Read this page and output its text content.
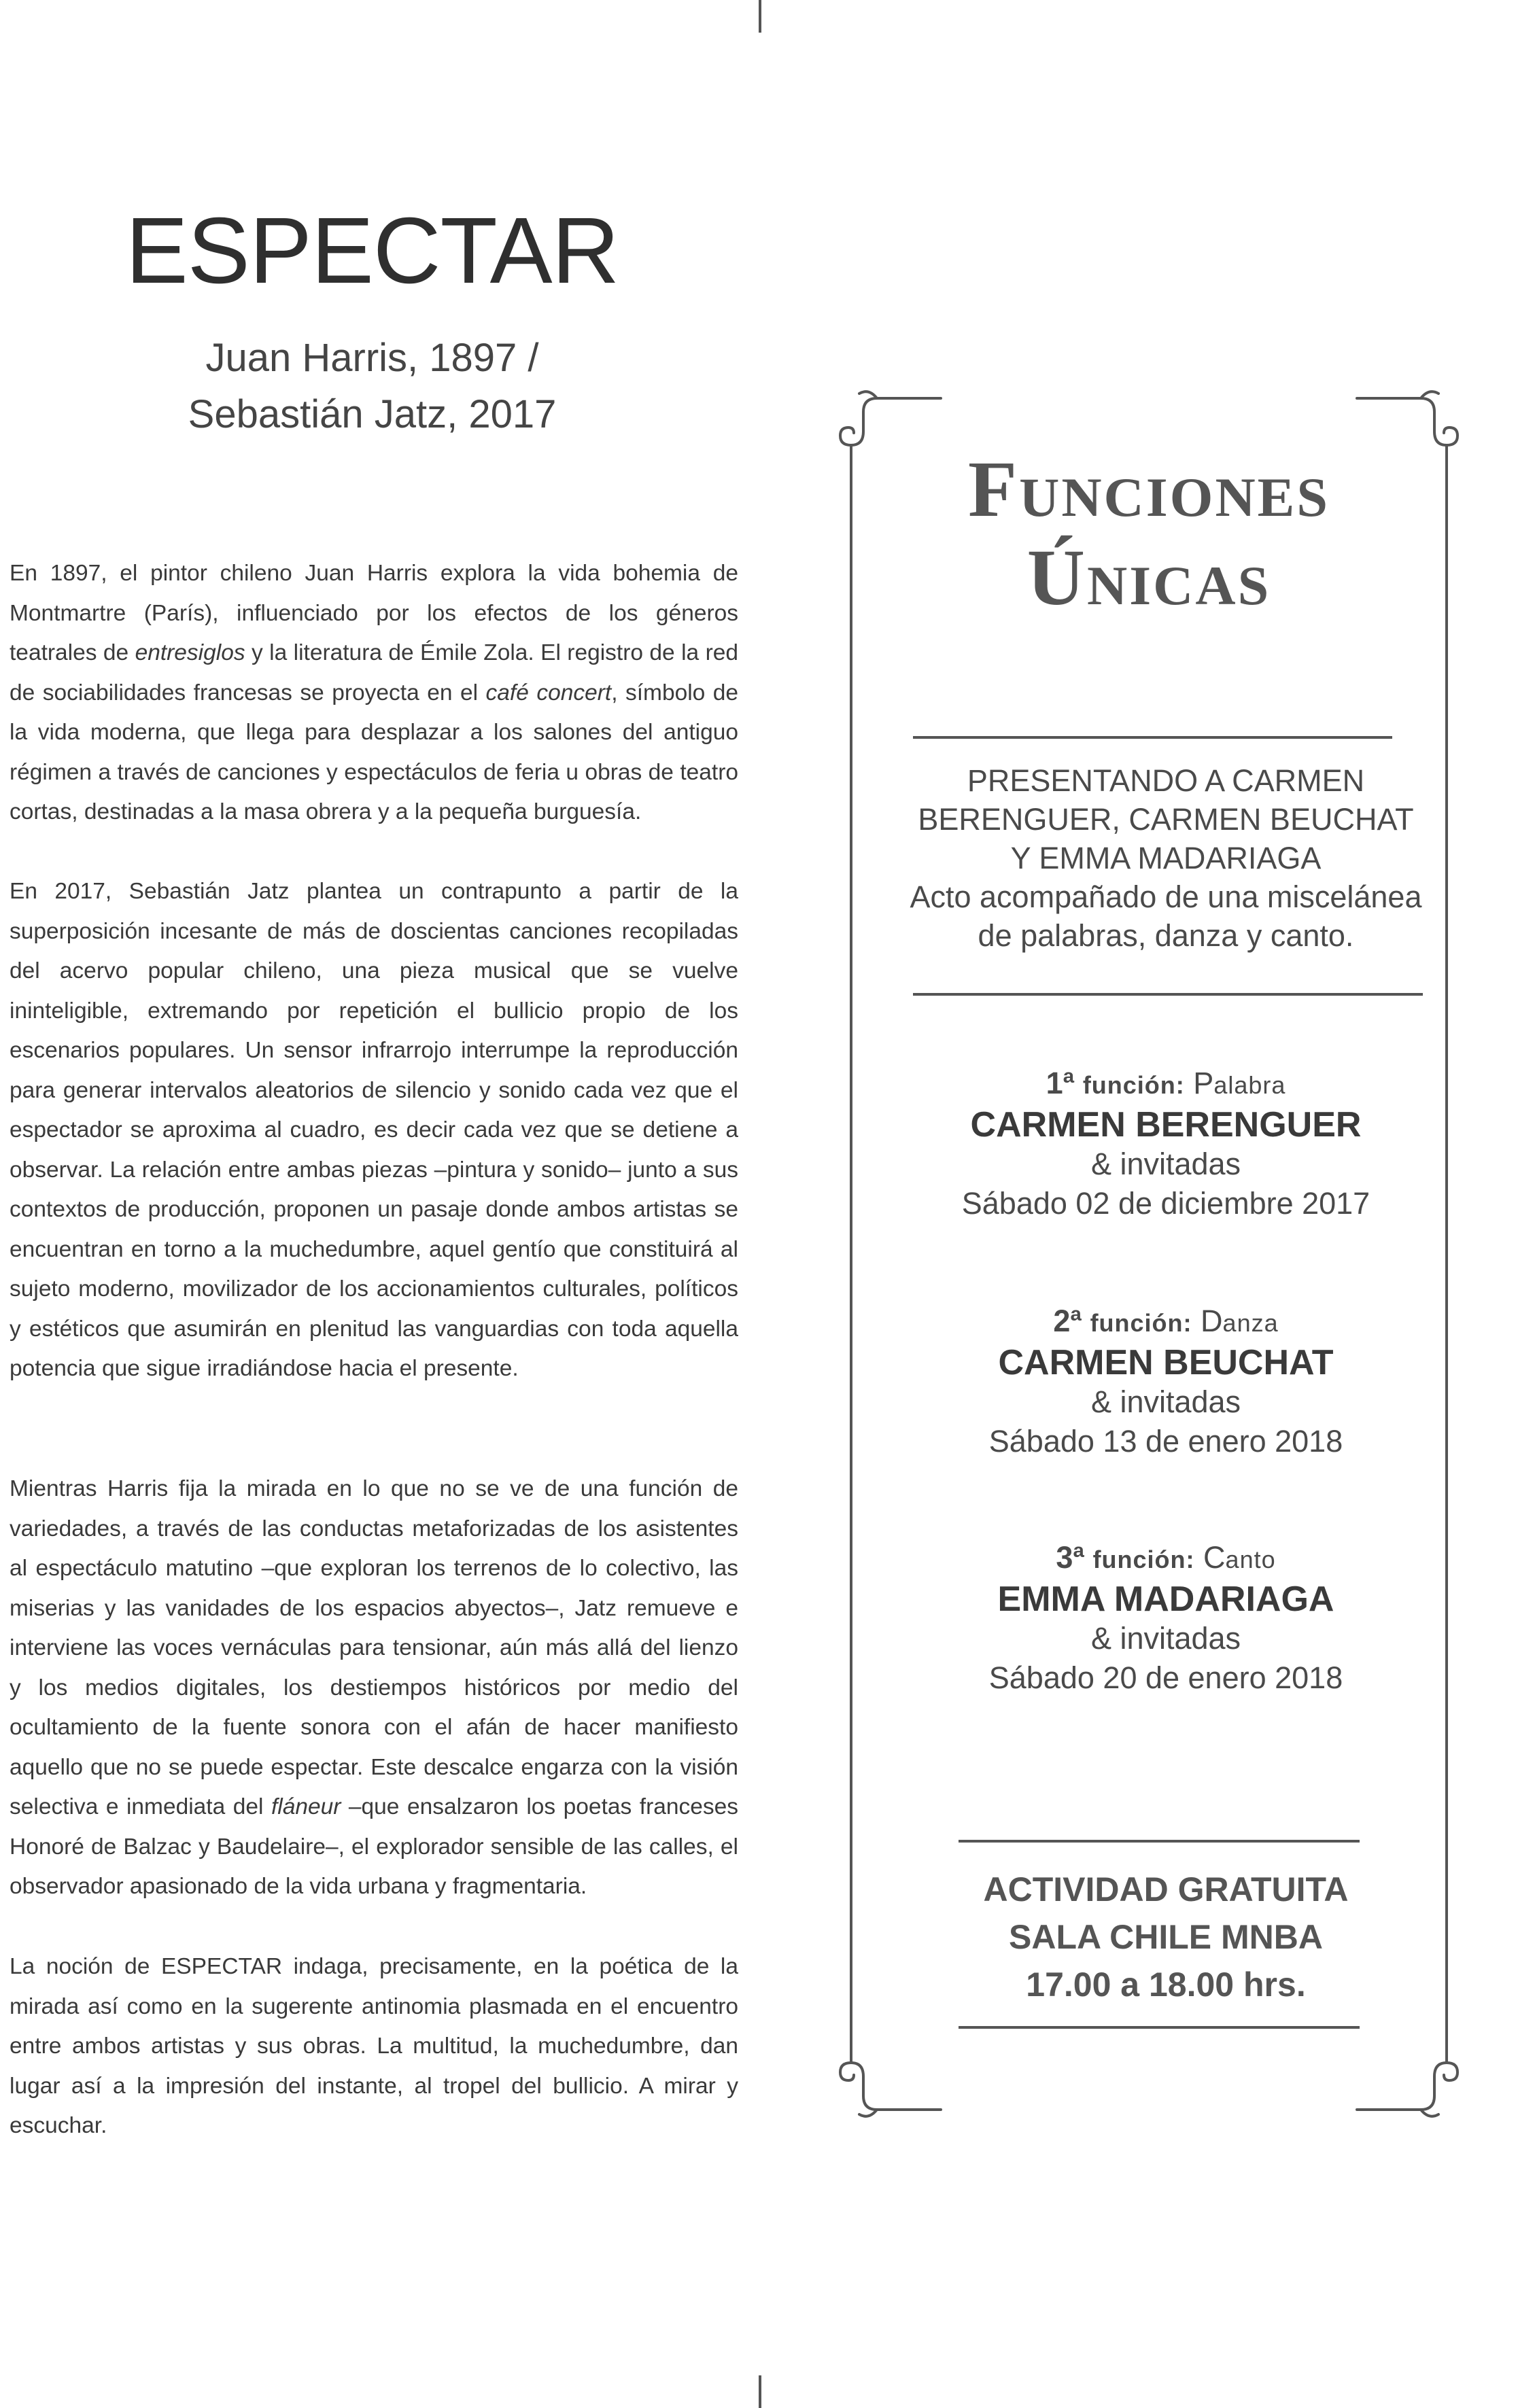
ESPECTAR
Juan Harris, 1897 /
Sebastián Jatz, 2017

En 1897, el pintor chileno Juan Harris explora la vida bohemia de Montmartre (París), influenciado por los efectos de los géneros teatrales de entresiglos y la literatura de Émile Zola. El registro de la red de sociabilidades francesas se proyecta en el café concert, símbolo de la vida moderna, que llega para desplazar a los salones del antiguo régimen a través de canciones y espectáculos de feria u obras de teatro cortas, destinadas a la masa obrera y a la pequeña burguesía.

En 2017, Sebastián Jatz plantea un contrapunto a partir de la superposición incesante de más de doscientas canciones recopiladas del acervo popular chileno, una pieza musical que se vuelve ininteligible, extremando por repetición el bullicio propio de los escenarios populares. Un sensor infrarrojo interrumpe la reproducción para generar intervalos aleatorios de silencio y sonido cada vez que el espectador se aproxima al cuadro, es decir cada vez que se detiene a observar. La relación entre ambas piezas –pintura y sonido– junto a sus contextos de producción, proponen un pasaje donde ambos artistas se encuentran en torno a la muchedumbre, aquel gentío que constituirá al sujeto moderno, movilizador de los accionamientos culturales, políticos y estéticos que asumirán en plenitud las vanguardias con toda aquella potencia que sigue irradiándose hacia el presente.

Mientras Harris fija la mirada en lo que no se ve de una función de variedades, a través de las conductas metaforizadas de los asistentes al espectáculo matutino –que exploran los terrenos de lo colectivo, las miserias y las vanidades de los espacios abyectos–, Jatz remueve e interviene las voces vernáculas para tensionar, aún más allá del lienzo y los medios digitales, los destiempos históricos por medio del ocultamiento de la fuente sonora con el afán de hacer manifiesto aquello que no se puede espectar. Este descalce engarza con la visión selectiva e inmediata del fláneur –que ensalzaron los poetas franceses Honoré de Balzac y Baudelaire–, el explorador sensible de las calles, el observador apasionado de la vida urbana y fragmentaria.

La noción de ESPECTAR indaga, precisamente, en la poética de la mirada así como en la sugerente antinomia plasmada en el encuentro entre ambos artistas y sus obras. La multitud, la muchedumbre, dan lugar así a la impresión del instante, al tropel del bullicio. A mirar y escuchar.

FUNCIONES
ÚNICAS
PRESENTANDO A CARMEN
BERENGUER, CARMEN BEUCHAT
Y EMMA MADARIAGA
Acto acompañado de una miscelánea
de palabras, danza y canto.
1ª función: Palabra
CARMEN BERENGUER
& invitadas
Sábado 02 de diciembre 2017
2ª función: Danza
CARMEN BEUCHAT
& invitadas
Sábado 13 de enero 2018
3ª función: Canto
EMMA MADARIAGA
& invitadas
Sábado 20 de enero 2018
ACTIVIDAD GRATUITA
SALA CHILE MNBA
17.00 a 18.00 hrs.
